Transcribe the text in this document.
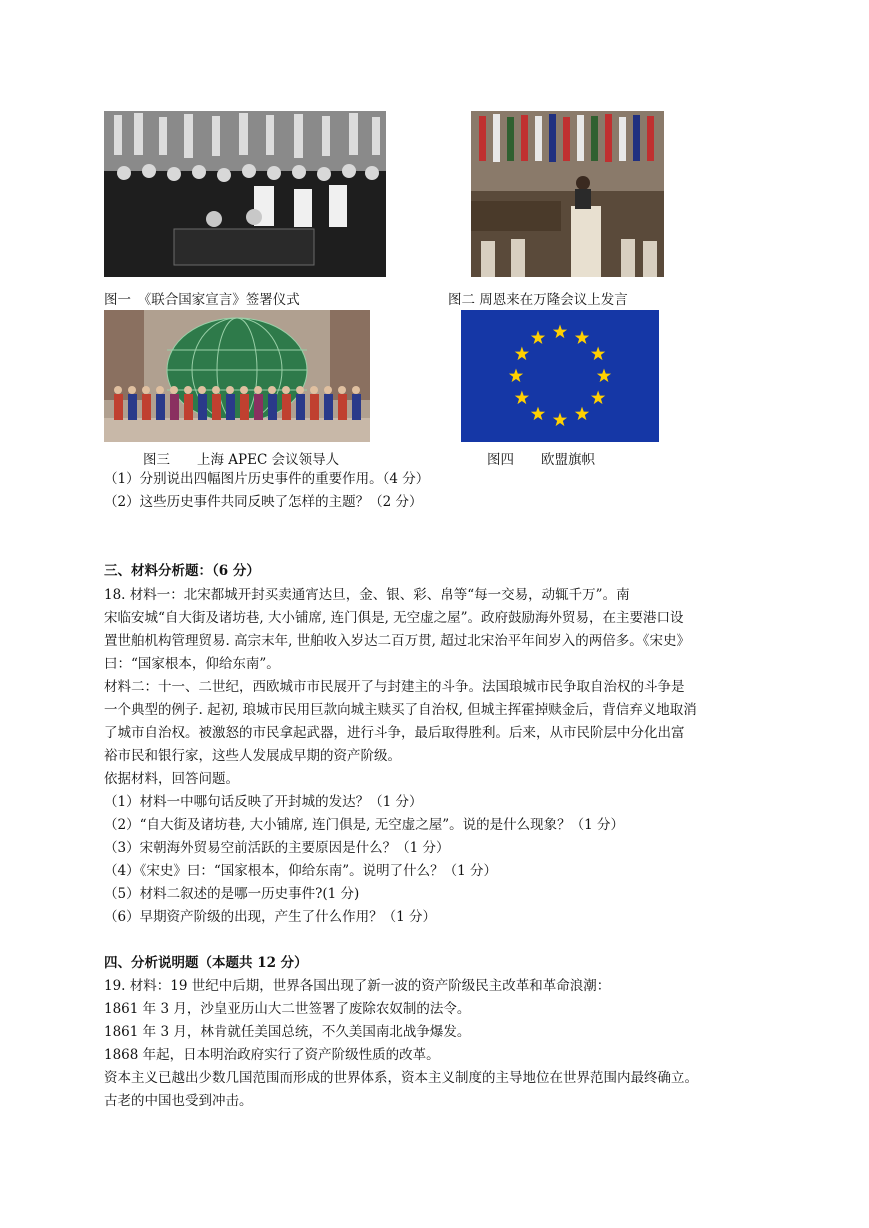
图一　《联合国家宣言》签署仪式	图二 周恩来在万隆会议上发言
图三　　上海 APEC 会议领导人	图四　　欧盟旗帜
（1）分别说出四幅图片历史事件的重要作用。（4 分）
（2）这些历史事件共同反映了怎样的主题？（2 分）
三、材料分析题：（6 分）
18. 材料一：北宋都城开封买卖通宵达旦，金、银、彩、帛等“每一交易，动辄千万”。南
宋临安城“自大街及诸坊巷, 大小铺席, 连门俱是, 无空虚之屋”。政府鼓励海外贸易，在主要港口设
置世舶机构管理贸易. 高宗末年, 世舶收入岁达二百万贯, 超过北宋治平年间岁入的两倍多。《宋史》
曰：“国家根本，仰给东南”。
材料二：十一、二世纪，西欧城市市民展开了与封建主的斗争。法国琅城市民争取自治权的斗争是
一个典型的例子. 起初, 琅城市民用巨款向城主赎买了自治权, 但城主挥霍掉赎金后，背信弃义地取消
了城市自治权。被激怒的市民拿起武器，进行斗争，最后取得胜利。后来，从市民阶层中分化出富
裕市民和银行家，这些人发展成早期的资产阶级。
依据材料，回答问题。
（1）材料一中哪句话反映了开封城的发达？（1 分）
（2）“自大街及诸坊巷, 大小铺席, 连门俱是, 无空虚之屋”。说的是什么现象？（1 分）
（3）宋朝海外贸易空前活跃的主要原因是什么？（1 分）
（4）《宋史》曰：“国家根本，仰给东南”。说明了什么？（1 分）
（5）材料二叙述的是哪一历史事件?(1 分)
（6）早期资产阶级的出现，产生了什么作用？（1 分）
四、分析说明题（本题共 12 分）
19. 材料：19 世纪中后期，世界各国出现了新一波的资产阶级民主改革和革命浪潮：
1861 年 3 月，沙皇亚历山大二世签署了废除农奴制的法令。
1861 年 3 月，林肯就任美国总统，不久美国南北战争爆发。
1868 年起，日本明治政府实行了资产阶级性质的改革。
资本主义已越出少数几国范围而形成的世界体系，资本主义制度的主导地位在世界范围内最终确立。
古老的中国也受到冲击。
